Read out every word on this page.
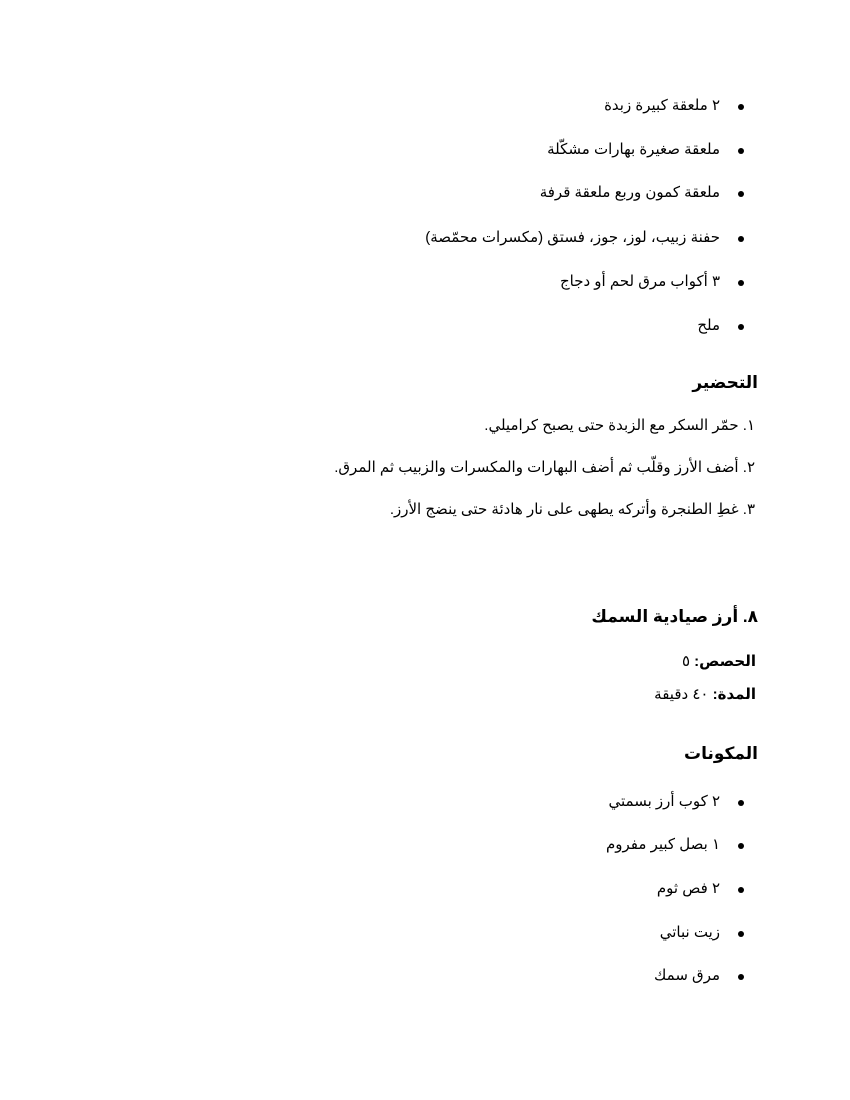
٢ ملعقة كبيرة زبدة
ملعقة صغيرة بهارات مشكّلة
ملعقة كمون وربع ملعقة قرفة
حفنة زبيب، لوز، جوز، فستق (مكسرات محمّصة)
٣ أكواب مرق لحم أو دجاج
ملح
التحضير
١. حمّر السكر مع الزبدة حتى يصبح كراميلي.
٢. أضف الأرز وقلّب ثم أضف البهارات والمكسرات والزبيب ثم المرق.
٣. غطِ الطنجرة وأتركه يطهى على نار هادئة حتى ينضج الأرز.
٨. أرز صيادية السمك
الحصص: ٥
المدة: ٤٠ دقيقة
المكونات
٢ كوب أرز بسمتي
١ بصل كبير مفروم
٢ فص ثوم
زيت نباتي
مرق سمك
